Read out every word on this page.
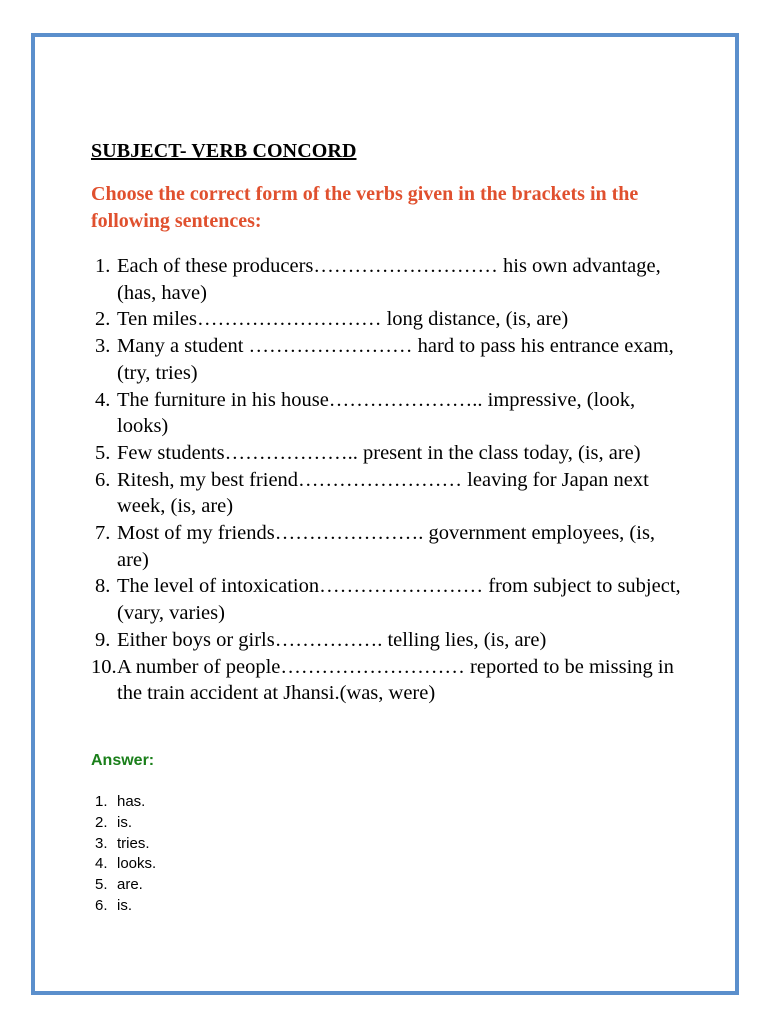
SUBJECT- VERB CONCORD

Choose the correct form of the verbs given in the brackets in the following sentences:

1. Each of these producers……………………… his own advantage, (has, have)
2. Ten miles……………………… long distance, (is, are)
3. Many a student …………………… hard to pass his entrance exam, (try, tries)
4. The furniture in his house………………….. impressive, (look, looks)
5. Few students……………….. present in the class today, (is, are)
6. Ritesh, my best friend…………………… leaving for Japan next week, (is, are)
7. Most of my friends…………………. government employees, (is, are)
8. The level of intoxication…………………… from subject to subject, (vary, varies)
9. Either boys or girls……………. telling lies, (is, are)
10. A number of people……………………… reported to be missing in the train accident at Jhansi.(was, were)

Answer:

1. has.
2. is.
3. tries.
4. looks.
5. are.
6. is.
